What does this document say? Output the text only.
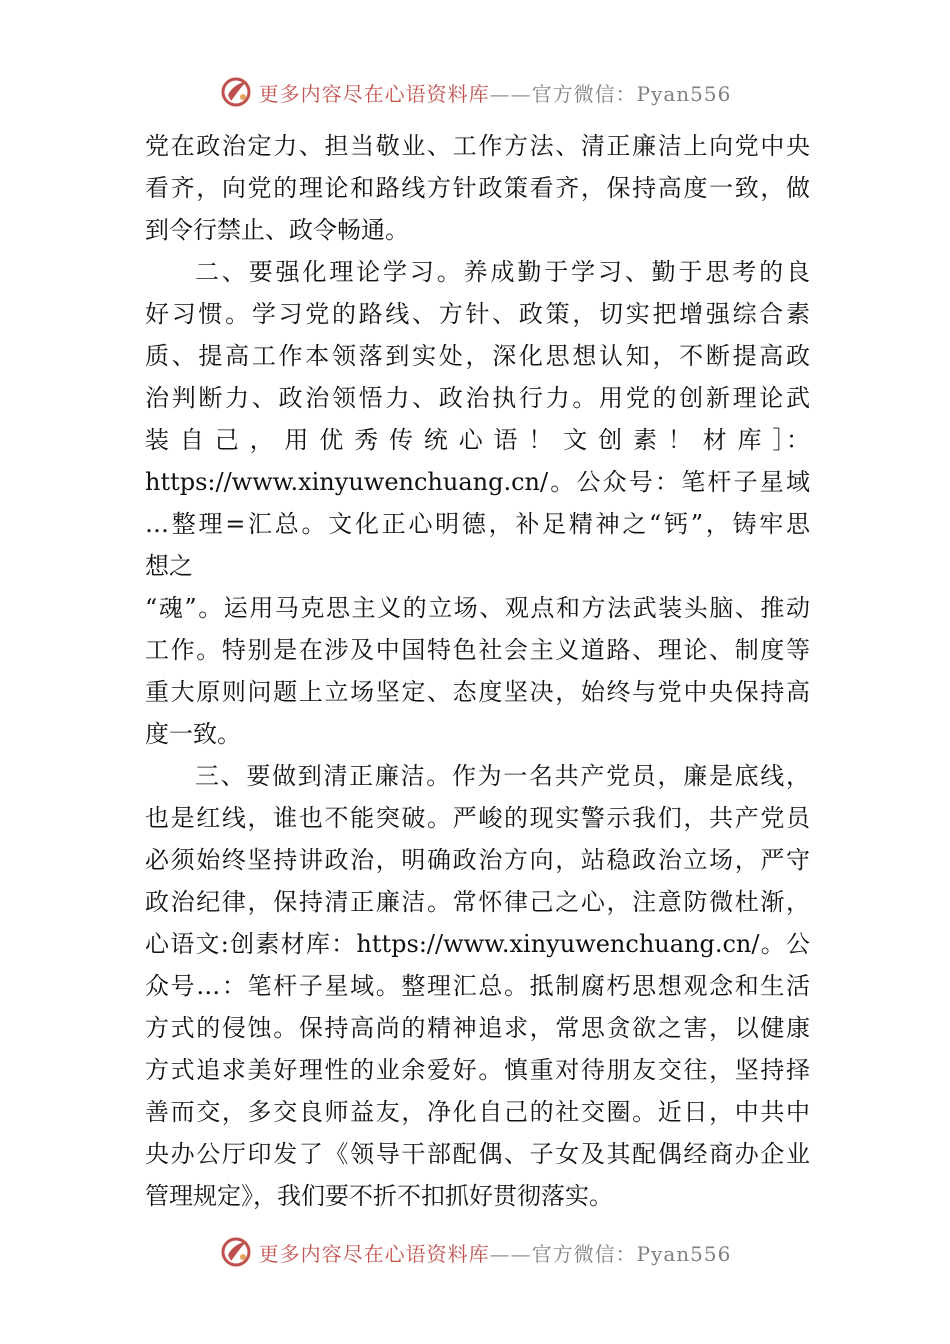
更多内容尽在心语资料库——官方微信：Pyan556
党在政治定力、担当敬业、工作方法、清正廉洁上向党中央
看齐，向党的理论和路线方针政策看齐，保持高度一致，做
到令行禁止、政令畅通。
二、要强化理论学习。养成勤于学习、勤于思考的良
好习惯。学习党的路线、方针、政策，切实把增强综合素
质、提高工作本领落到实处，深化思想认知，不断提高政
治判断力、政治领悟力、政治执行力。用党的创新理论武
装 自 己 ， 用 优 秀 传 统 心 语 ！ 文 创 素 ！ 材 库 ］：
https://www.xinyuwenchuang.cn/。公众号：笔杆子星域
…整理=汇总。文化正心明德，补足精神之“钙”，铸牢思
想之
“魂”。运用马克思主义的立场、观点和方法武装头脑、推动
工作。特别是在涉及中国特色社会主义道路、理论、制度等
重大原则问题上立场坚定、态度坚决，始终与党中央保持高
度一致。
三、要做到清正廉洁。作为一名共产党员，廉是底线，
也是红线，谁也不能突破。严峻的现实警示我们，共产党员
必须始终坚持讲政治，明确政治方向，站稳政治立场，严守
政治纪律，保持清正廉洁。常怀律己之心，注意防微杜渐，
心语文:创素材库：https://www.xinyuwenchuang.cn/。公
众号…：笔杆子星域。整理汇总。抵制腐朽思想观念和生活
方式的侵蚀。保持高尚的精神追求，常思贪欲之害，以健康
方式追求美好理性的业余爱好。慎重对待朋友交往，坚持择
善而交，多交良师益友，净化自己的社交圈。近日，中共中
央办公厅印发了《领导干部配偶、子女及其配偶经商办企业
管理规定》，我们要不折不扣抓好贯彻落实。
更多内容尽在心语资料库——官方微信：Pyan556
